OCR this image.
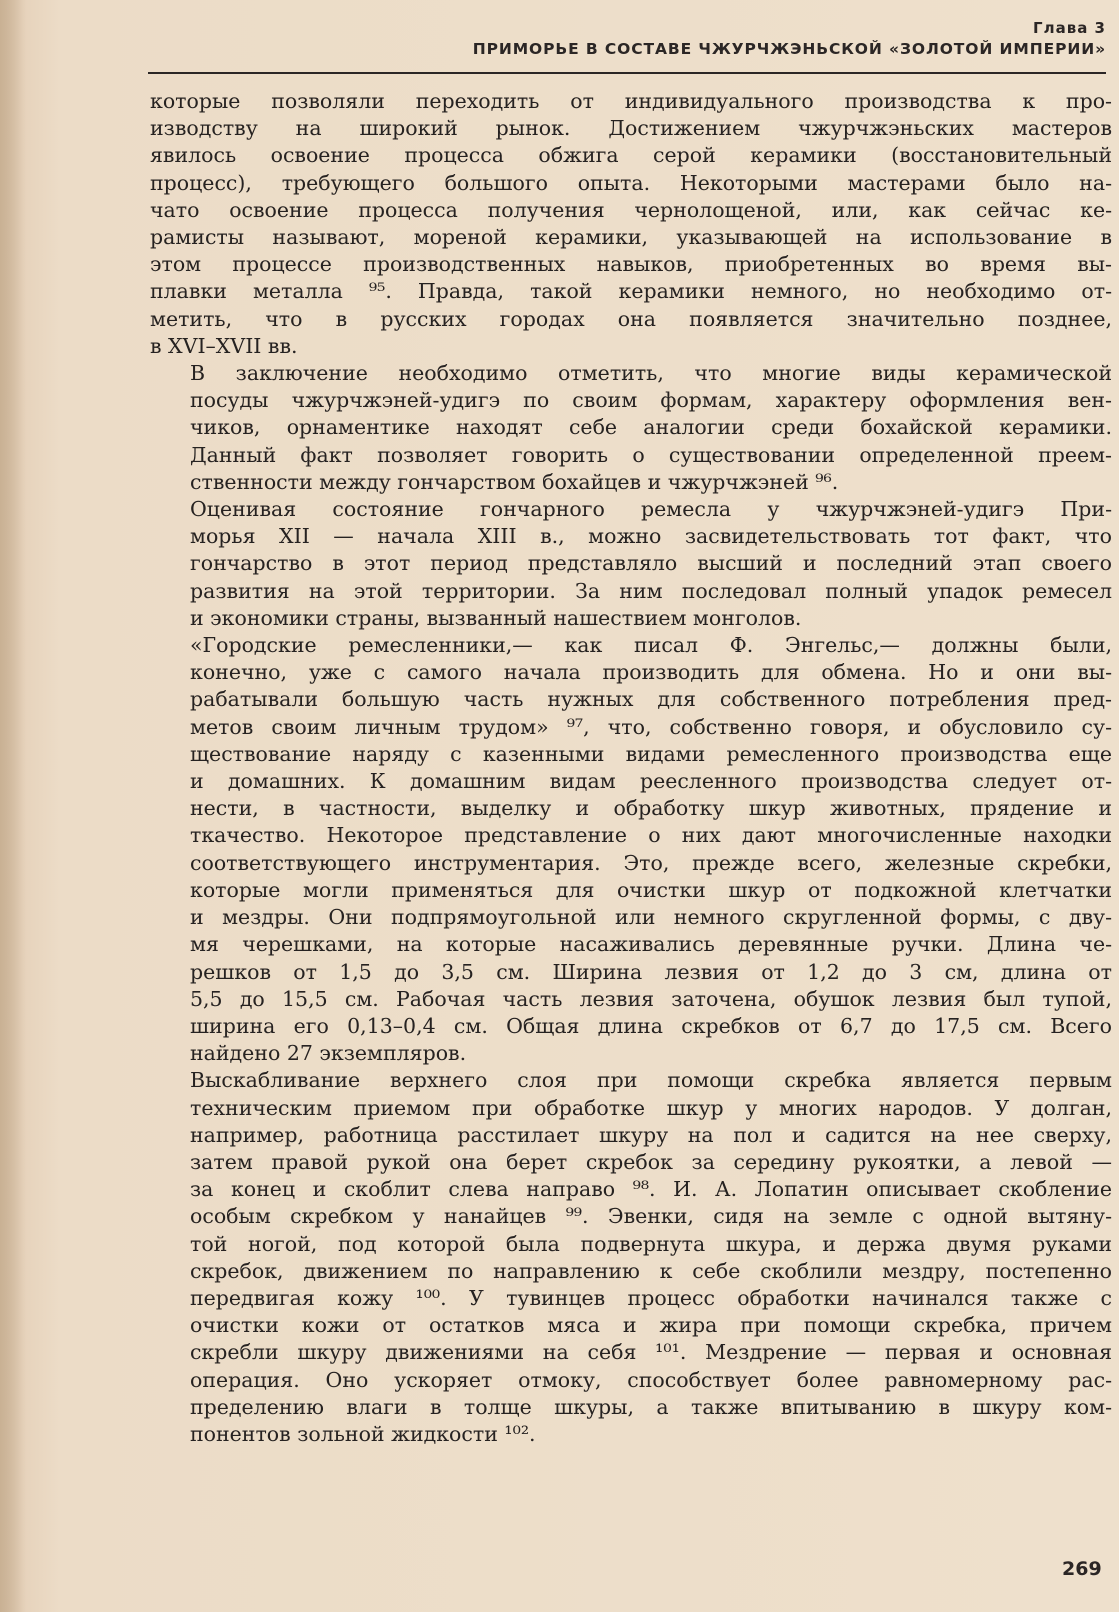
Глава 3
ПРИМОРЬЕ В СОСТАВЕ ЧЖУРЧЖЭНЬСКОЙ «ЗОЛОТОЙ ИМПЕРИИ»
которые позволяли переходить от индивидуального производства к про-
изводству на широкий рынок. Достижением чжурчжэньских мастеров
явилось освоение процесса обжига серой керамики (восстановительный
процесс), требующего большого опыта. Некоторыми мастерами было на-
чато освоение процесса получения чернолощеной, или, как сейчас ке-
рамисты называют, мореной керамики, указывающей на использование в
этом процессе производственных навыков, приобретенных во время вы-
плавки металла ⁹⁵. Правда, такой керамики немного, но необходимо от-
метить, что в русских городах она появляется значительно позднее,
в XVI–XVII вв.
В заключение необходимо отметить, что многие виды керамической
посуды чжурчжэней-удигэ по своим формам, характеру оформления вен-
чиков, орнаментике находят себе аналогии среди бохайской керамики.
Данный факт позволяет говорить о существовании определенной преем-
ственности между гончарством бохайцев и чжурчжэней ⁹⁶.
Оценивая состояние гончарного ремесла у чжурчжэней-удигэ При-
морья XII — начала XIII в., можно засвидетельствовать тот факт, что
гончарство в этот период представляло высший и последний этап своего
развития на этой территории. За ним последовал полный упадок ремесел
и экономики страны, вызванный нашествием монголов.
«Городские ремесленники,— как писал Ф. Энгельс,— должны были,
конечно, уже с самого начала производить для обмена. Но и они вы-
рабатывали большую часть нужных для собственного потребления пред-
метов своим личным трудом» ⁹⁷, что, собственно говоря, и обусловило су-
ществование наряду с казенными видами ремесленного производства еще
и домашних. К домашним видам реесленного производства следует от-
нести, в частности, выделку и обработку шкур животных, прядение и
ткачество. Некоторое представление о них дают многочисленные находки
соответствующего инструментария. Это, прежде всего, железные скребки,
которые могли применяться для очистки шкур от подкожной клетчатки
и мездры. Они подпрямоугольной или немного скругленной формы, с дву-
мя черешками, на которые насаживались деревянные ручки. Длина че-
решков от 1,5 до 3,5 см. Ширина лезвия от 1,2 до 3 см, длина от
5,5 до 15,5 см. Рабочая часть лезвия заточена, обушок лезвия был тупой,
ширина его 0,13–0,4 см. Общая длина скребков от 6,7 до 17,5 см. Всего
найдено 27 экземпляров.
Выскабливание верхнего слоя при помощи скребка является первым
техническим приемом при обработке шкур у многих народов. У долган,
например, работница расстилает шкуру на пол и садится на нее сверху,
затем правой рукой она берет скребок за середину рукоятки, а левой —
за конец и скоблит слева направо ⁹⁸. И. А. Лопатин описывает скобление
особым скребком у нанайцев ⁹⁹. Эвенки, сидя на земле с одной вытяну-
той ногой, под которой была подвернута шкура, и держа двумя руками
скребок, движением по направлению к себе скоблили мездру, постепенно
передвигая кожу ¹⁰⁰. У тувинцев процесс обработки начинался также с
очистки кожи от остатков мяса и жира при помощи скребка, причем
скребли шкуру движениями на себя ¹⁰¹. Мездрение — первая и основная
операция. Оно ускоряет отмоку, способствует более равномерному рас-
пределению влаги в толще шкуры, а также впитыванию в шкуру ком-
понентов зольной жидкости ¹⁰².
269
